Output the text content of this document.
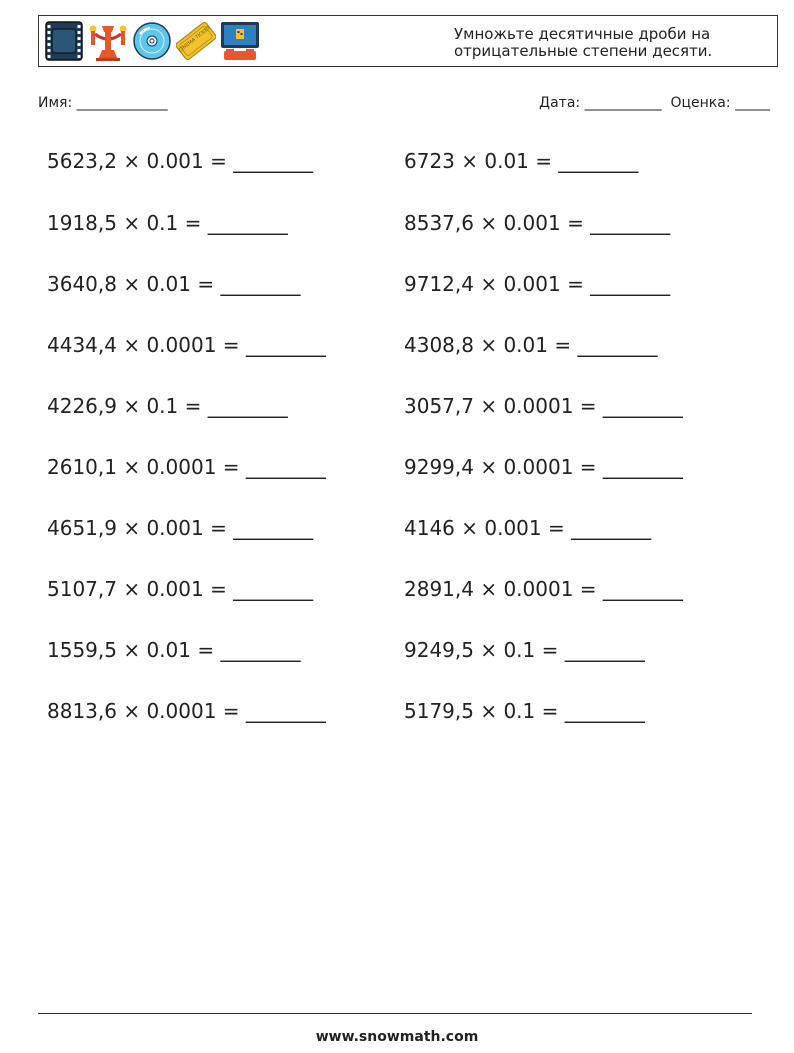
CINEMA TICKET	Умножьте десятичные дроби на отрицательные степени десяти.
Имя: _____________	Дата: ___________  Оценка: _____
5623,2 × 0.001 = ________
1918,5 × 0.1 = ________
3640,8 × 0.01 = ________
4434,4 × 0.0001 = ________
4226,9 × 0.1 = ________
2610,1 × 0.0001 = ________
4651,9 × 0.001 = ________
5107,7 × 0.001 = ________
1559,5 × 0.01 = ________
8813,6 × 0.0001 = ________
6723 × 0.01 = ________
8537,6 × 0.001 = ________
9712,4 × 0.001 = ________
4308,8 × 0.01 = ________
3057,7 × 0.0001 = ________
9299,4 × 0.0001 = ________
4146 × 0.001 = ________
2891,4 × 0.0001 = ________
9249,5 × 0.1 = ________
5179,5 × 0.1 = ________
www.snowmath.com
